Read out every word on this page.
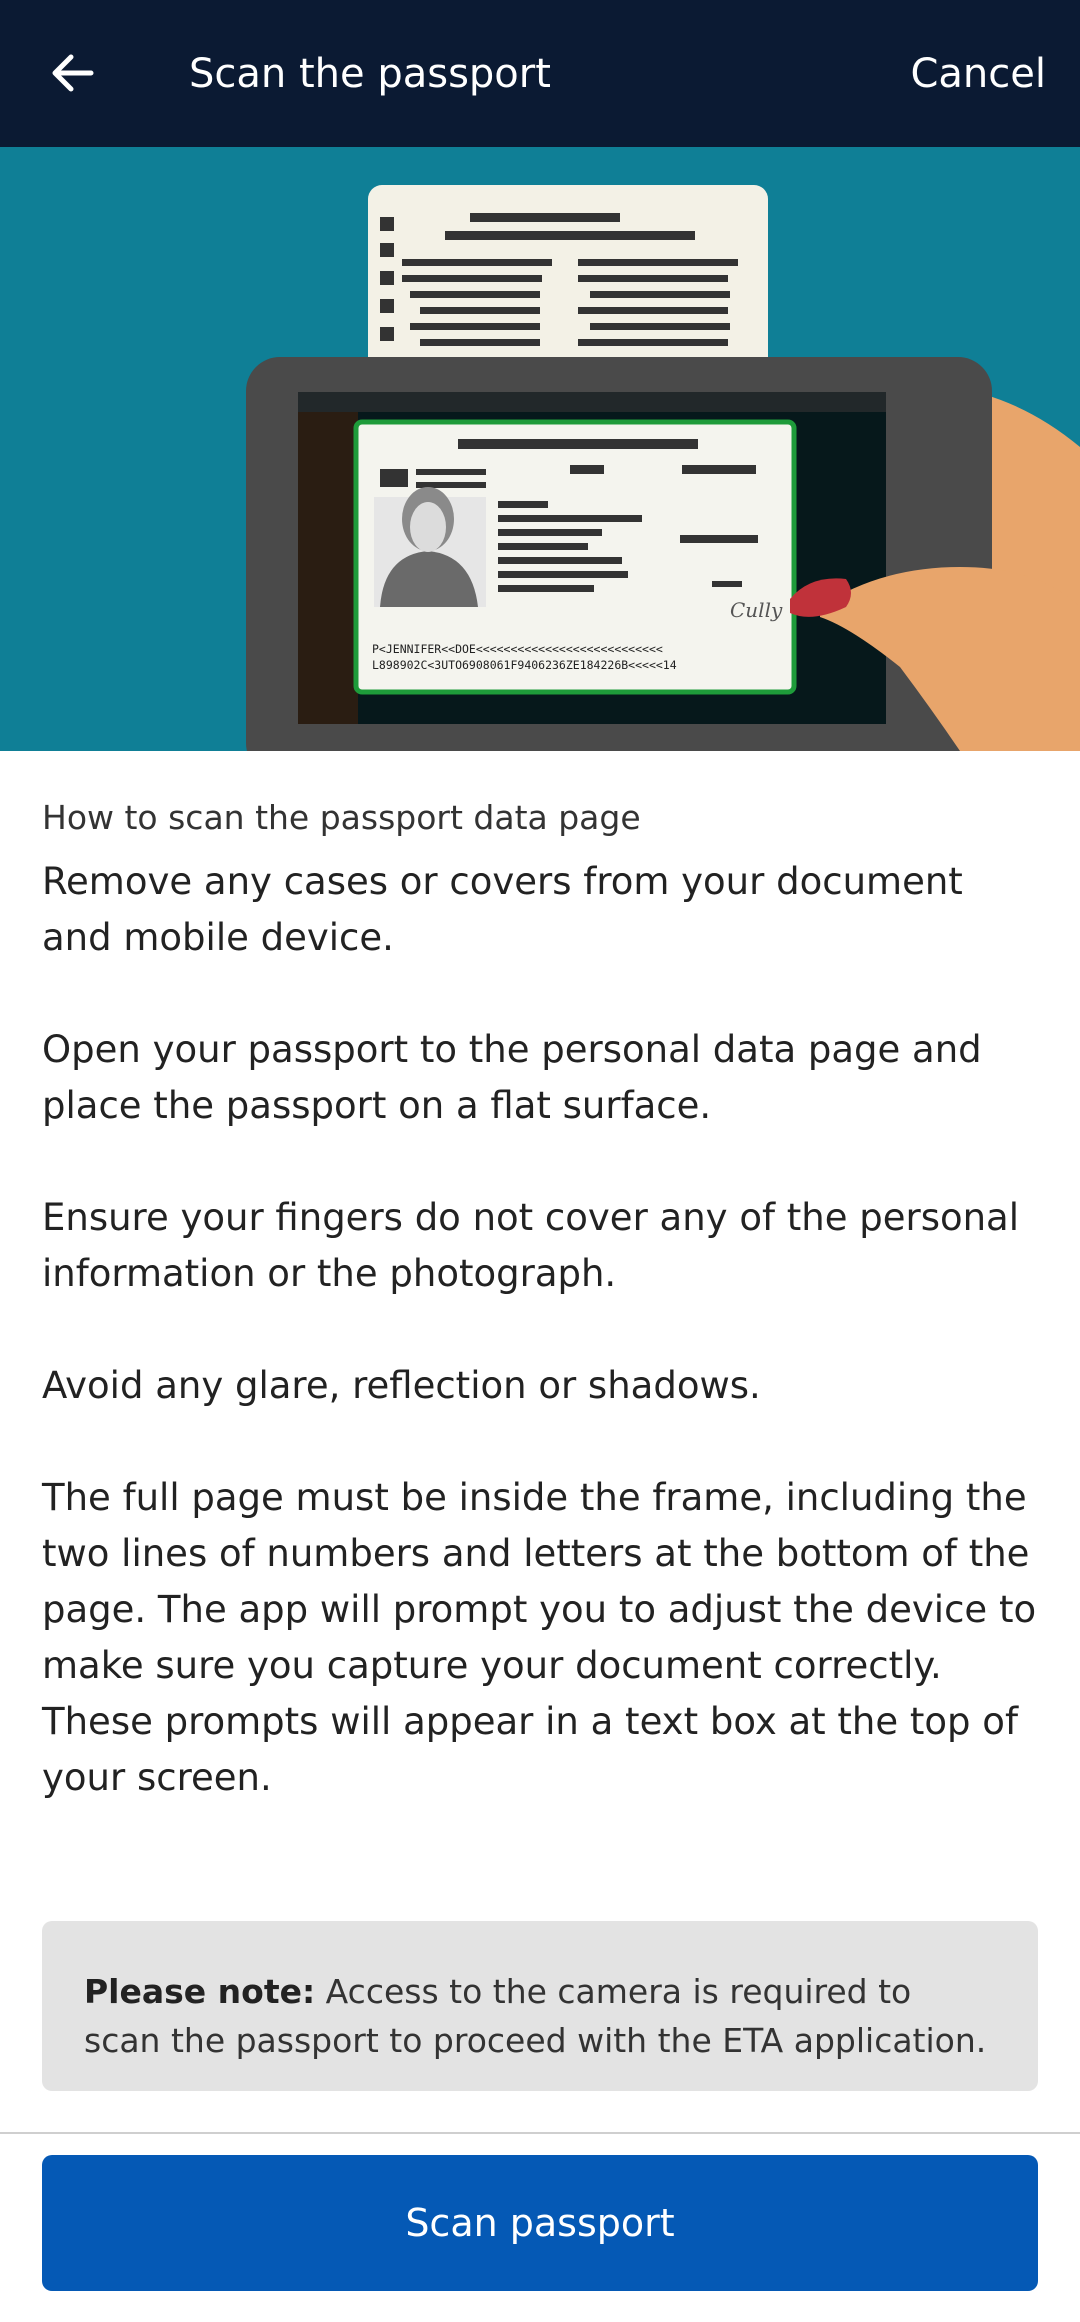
Scan the passport	Cancel
Cully
P<JENNIFER<<DOE<<<<<<<<<<<<<<<<<<<<<<<<<<<
L898902C<3UTO6908061F9406236ZE184226B<<<<<14
How to scan the passport data page

Remove any cases or covers from your document and mobile device.

Open your passport to the personal data page and place the passport on a flat surface.

Ensure your fingers do not cover any of the personal information or the photograph.

Avoid any glare, reflection or shadows.

The full page must be inside the frame, including the two lines of numbers and letters at the bottom of the page. The app will prompt you to adjust the device to make sure you capture your document correctly. These prompts will appear in a text box at the top of your screen.

Please note: Access to the camera is required to scan the passport to proceed with the ETA application.
Scan passport
